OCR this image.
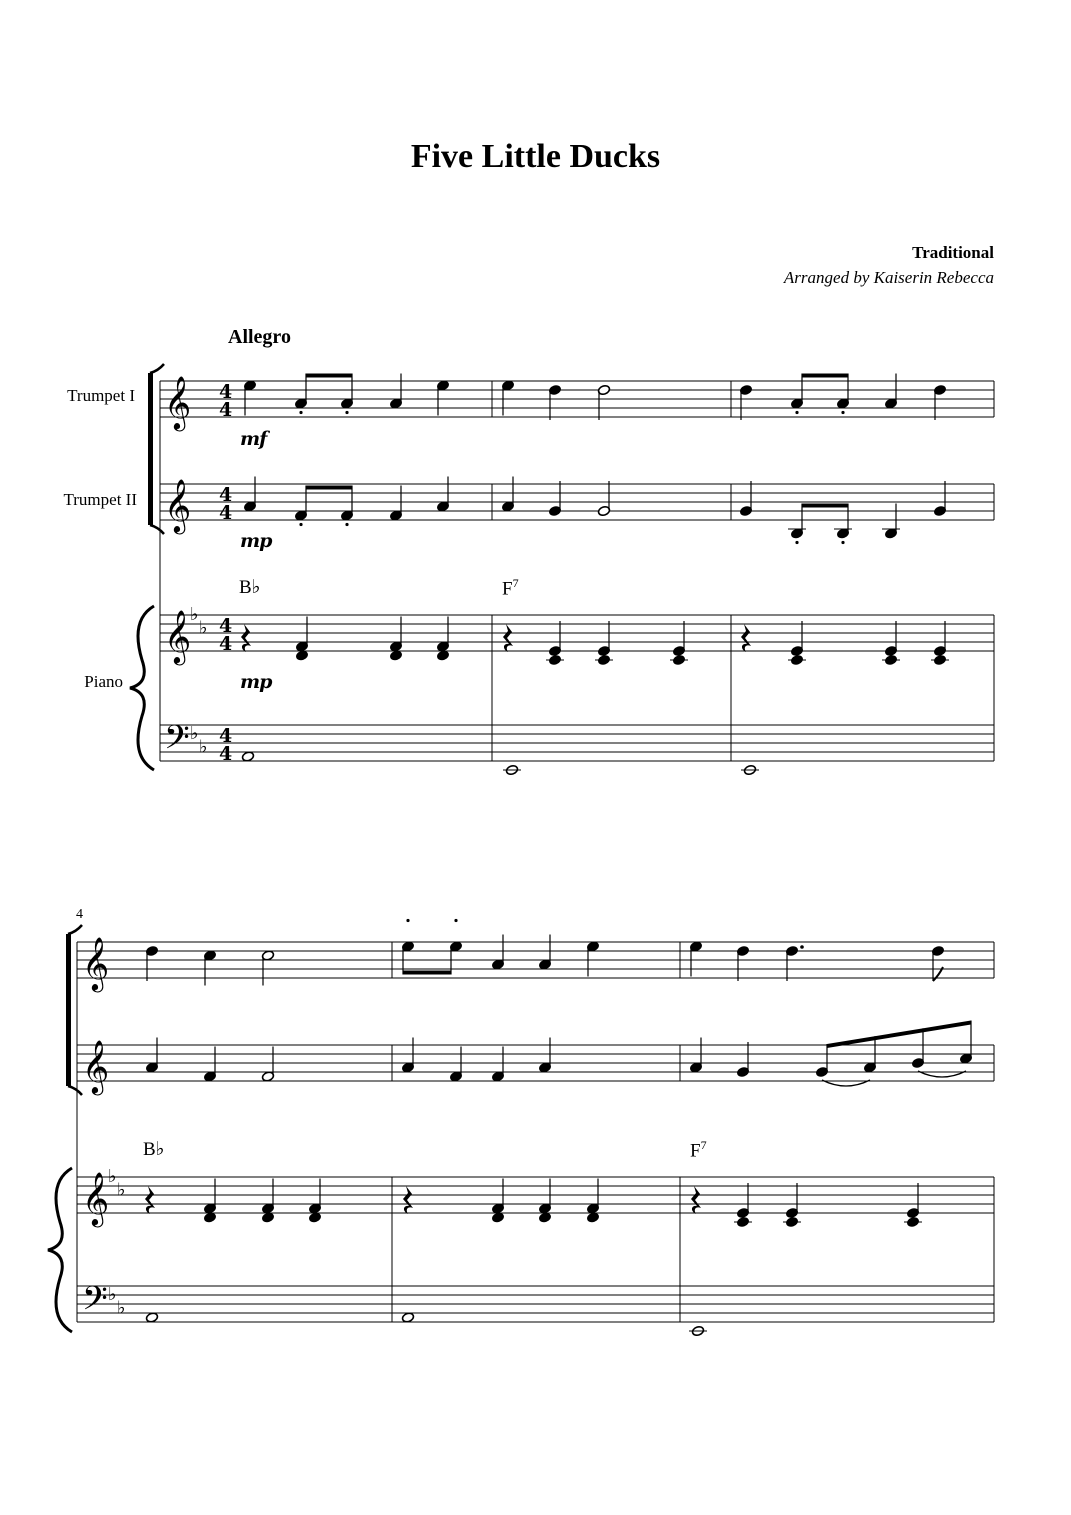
Five Little Ducks
Traditional
Arranged by Kaiserin Rebecca
Allegro
Trumpet I
Trumpet II
Piano
mf
mp
mp
B♭	$F^7$
B♭	$F^7$
4
𝄞 4
4
𝄞 4
4
𝄞
♭
♭ 4
4
𝄢 ♭
♭ 4
4
𝄞
𝄞
𝄞
♭
♭
𝄢 ♭
♭
